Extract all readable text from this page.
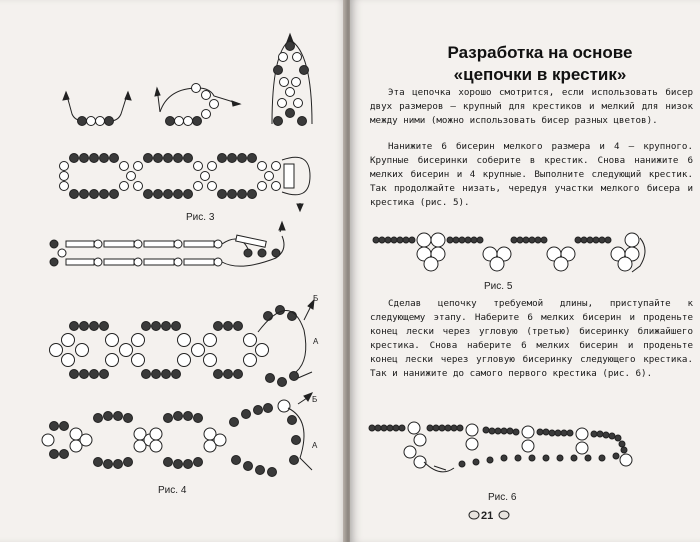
Б
А
Б
А
Рис. 3
Рис. 4
Разработка на основе
«цепочки в крестик»

Эта цепочка хорошо смотрится, если использовать бисер двух размеров — крупный для крестиков и мелкий для низок между ними (можно использовать бисер разных цветов).

Нанижите 6 бисерин мелкого размера и 4 — крупного. Крупные бисеринки соберите в крестик. Снова нанижите 6 мелких бисерин и 4 крупные. Выполните следующий крестик. Так продолжайте низать, чередуя участки мелкого бисера и крестика (рис. 5).

Рис. 5

Сделав цепочку требуемой длины, приступайте к следующему этапу. Наберите 6 мелких бисерин и проденьте конец лески через угловую (третью) бисеринку ближайшего крестика. Снова наберите 6 мелких бисерин и проденьте конец лески через угловую бисеринку следующего крестика. Так и нанижите до самого первого крестика (рис. 6).

Рис. 6
21
